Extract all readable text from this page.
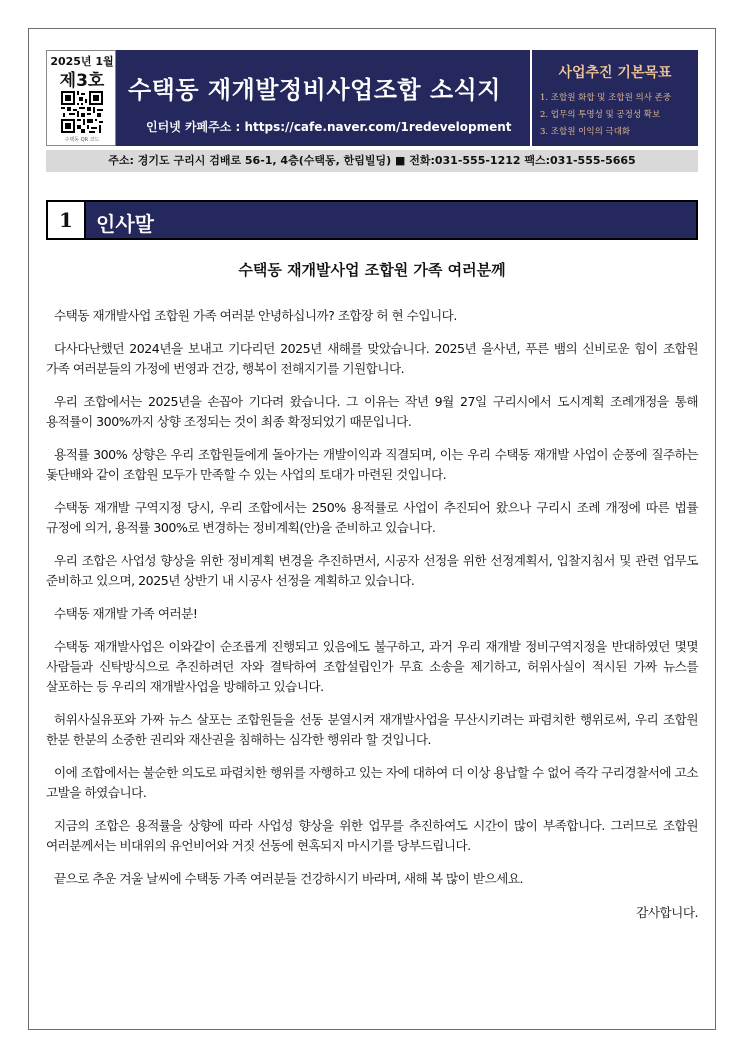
2025년 1월
제3호
수택동 QR 코드
수택동 재개발정비사업조합 소식지
인터넷 카페주소 : https://cafe.naver.com/1redevelopment
사업추진 기본목표
1. 조합원 화합 및 조합원 의사 존중
2. 업무의 투명성 및 공정성 확보
3. 조합원 이익의 극대화
주소: 경기도 구리시 검배로 56-1, 4층(수택동, 한림빌딩) ■ 전화:031-555-1212 팩스:031-555-5665
1	인사말
수택동 재개발사업 조합원 가족 여러분께

수택동 재개발사업 조합원 가족 여러분 안녕하십니까? 조합장 허 현 수입니다.

다사다난했던 2024년을 보내고 기다리던 2025년 새해를 맞았습니다. 2025년 을사년, 푸른 뱀의 신비로운 힘이 조합원 가족 여러분들의 가정에 번영과 건강, 행복이 전해지기를 기원합니다.

우리 조합에서는 2025년을 손꼽아 기다려 왔습니다. 그 이유는 작년 9월 27일 구리시에서 도시계획 조례개정을 통해 용적률이 300%까지 상향 조정되는 것이 최종 확정되었기 때문입니다.

용적률 300% 상향은 우리 조합원들에게 돌아가는 개발이익과 직결되며, 이는 우리 수택동 재개발 사업이 순풍에 질주하는 돛단배와 같이 조합원 모두가 만족할 수 있는 사업의 토대가 마련된 것입니다.

수택동 재개발 구역지정 당시, 우리 조합에서는 250% 용적률로 사업이 추진되어 왔으나 구리시 조례 개정에 따른 법률 규정에 의거, 용적률 300%로 변경하는 정비계획(안)을 준비하고 있습니다.

우리 조합은 사업성 향상을 위한 정비계획 변경을 추진하면서, 시공자 선정을 위한 선정계획서, 입찰지침서 및 관련 업무도 준비하고 있으며, 2025년 상반기 내 시공사 선정을 계획하고 있습니다.

수택동 재개발 가족 여러분!

수택동 재개발사업은 이와같이 순조롭게 진행되고 있음에도 불구하고, 과거 우리 재개발 정비구역지정을 반대하였던 몇몇 사람들과 신탁방식으로 추진하려던 자와 결탁하여 조합설립인가 무효 소송을 제기하고, 허위사실이 적시된 가짜 뉴스를 살포하는 등 우리의 재개발사업을 방해하고 있습니다.

허위사실유포와 가짜 뉴스 살포는 조합원들을 선동 분열시켜 재개발사업을 무산시키려는 파렴치한 행위로써, 우리 조합원 한분 한분의 소중한 권리와 재산권을 침해하는 심각한 행위라 할 것입니다.

이에 조합에서는 불순한 의도로 파렴치한 행위를 자행하고 있는 자에 대하여 더 이상 용납할 수 없어 즉각 구리경찰서에 고소 고발을 하였습니다.

지금의 조합은 용적률을 상향에 따라 사업성 향상을 위한 업무를 추진하여도 시간이 많이 부족합니다. 그러므로 조합원 여러분께서는 비대위의 유언비어와 거짓 선동에 현혹되지 마시기를 당부드립니다.

끝으로 추운 겨울 날씨에 수택동 가족 여러분들 건강하시기 바라며, 새해 복 많이 받으세요.

감사합니다.
